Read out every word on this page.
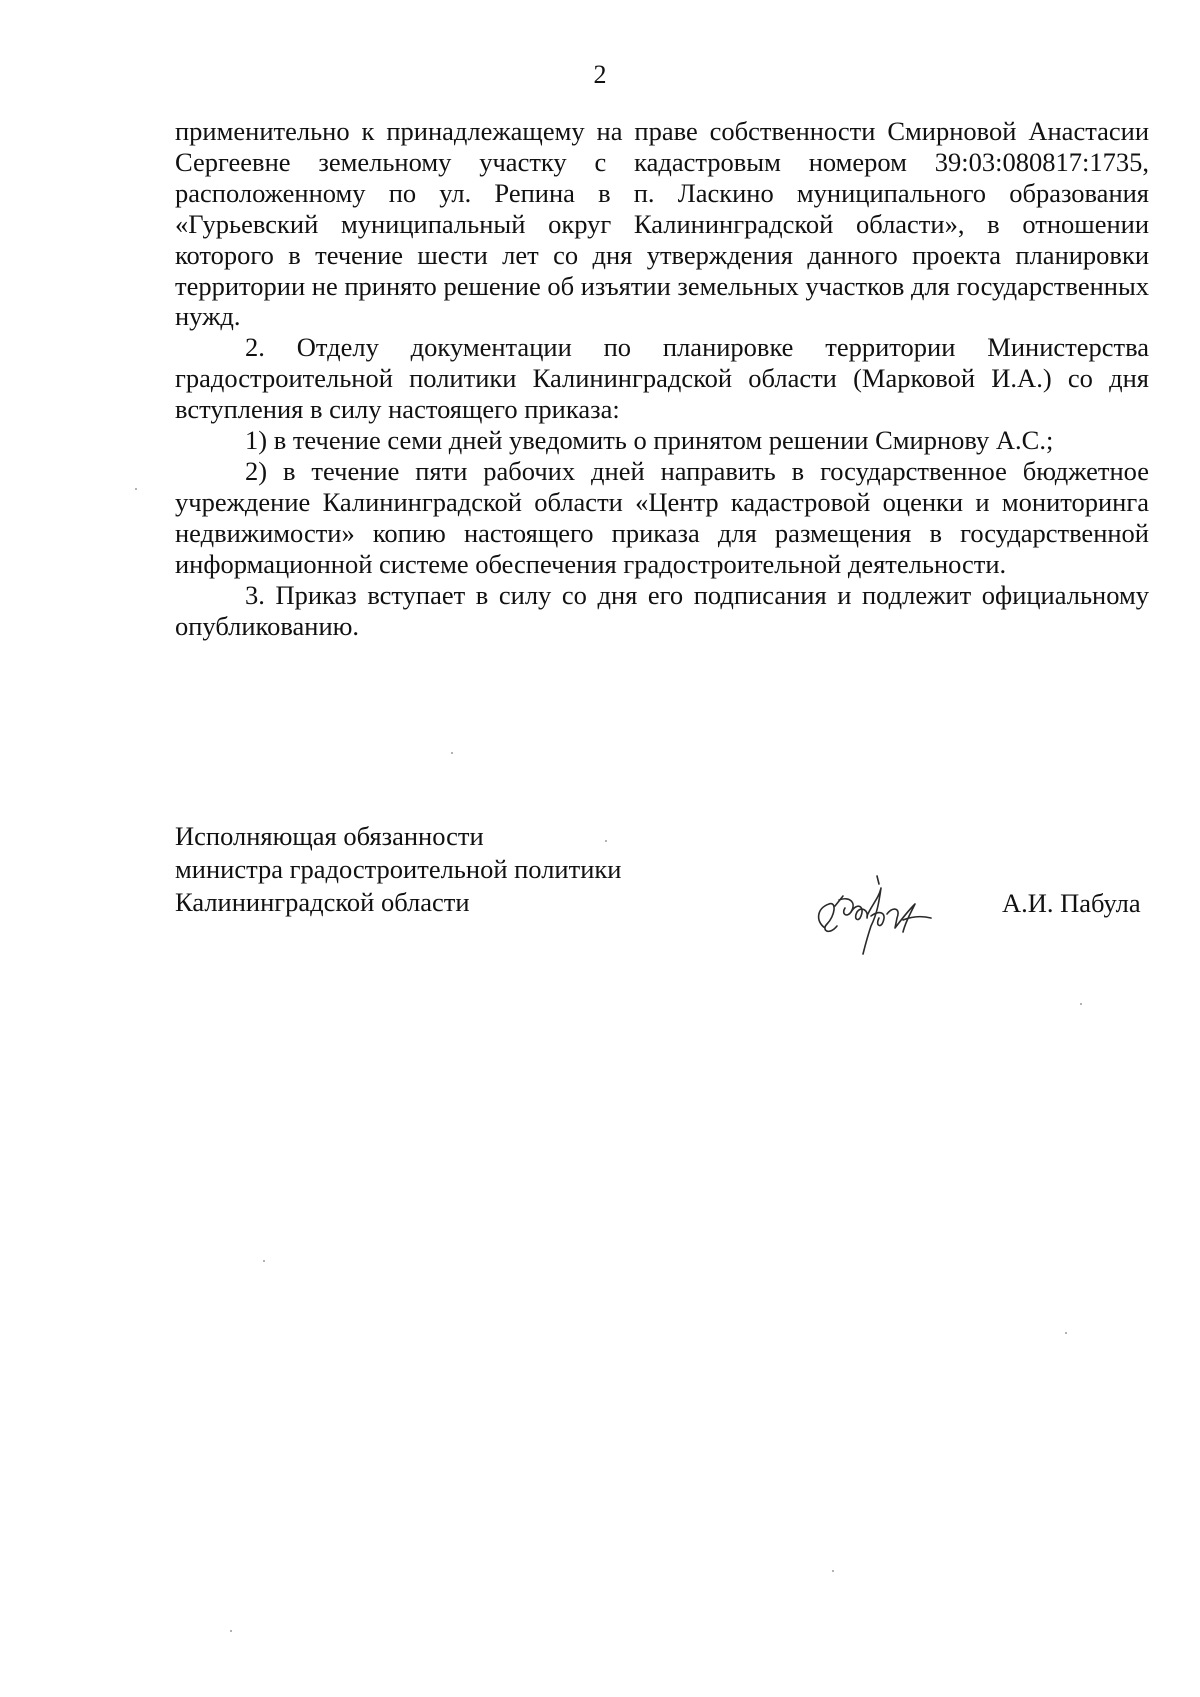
2

применительно к принадлежащему на праве собственности Смирновой Анастасии Сергеевне земельному участку с кадастровым номером 39:03:080817:1735, расположенному по ул. Репина в п. Ласкино муниципального образования «Гурьевский муниципальный округ Калининградской области», в отношении которого в течение шести лет со дня утверждения данного проекта планировки территории не принято решение об изъятии земельных участков для государственных нужд.

2. Отделу документации по планировке территории Министерства градостроительной политики Калининградской области (Марковой И.А.) со дня вступления в силу настоящего приказа:

1) в течение семи дней уведомить о принятом решении Смирнову А.С.;

2) в течение пяти рабочих дней направить в государственное бюджетное учреждение Калининградской области «Центр кадастровой оценки и мониторинга недвижимости» копию настоящего приказа для размещения в государственной информационной системе обеспечения градостроительной деятельности.

3. Приказ вступает в силу со дня его подписания и подлежит официальному опубликованию.

Исполняющая обязанности
министра градостроительной политики
Калининградской области	А.И. Пабула
